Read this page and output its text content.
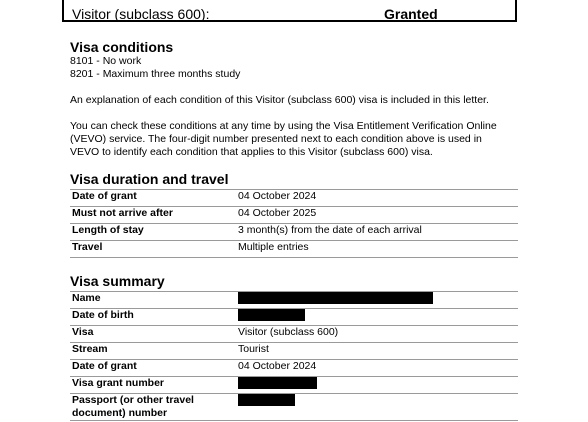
Visitor (subclass 600):	Granted
Visa conditions
8101 - No work
8201 - Maximum three months study
An explanation of each condition of this Visitor (subclass 600) visa is included in this letter.
You can check these conditions at any time by using the Visa Entitlement Verification Online
(VEVO) service. The four-digit number presented next to each condition above is used in
VEVO to identify each condition that applies to this Visitor (subclass 600) visa.
Visa duration and travel
Date of grant	04 October 2024
Must not arrive after	04 October 2025
Length of stay	3 month(s) from the date of each arrival
Travel	Multiple entries
Visa summary
Name	
Date of birth	
Visa	Visitor (subclass 600)
Stream	Tourist
Date of grant	04 October 2024
Visa grant number	

Passport (or other travel
document) number	
